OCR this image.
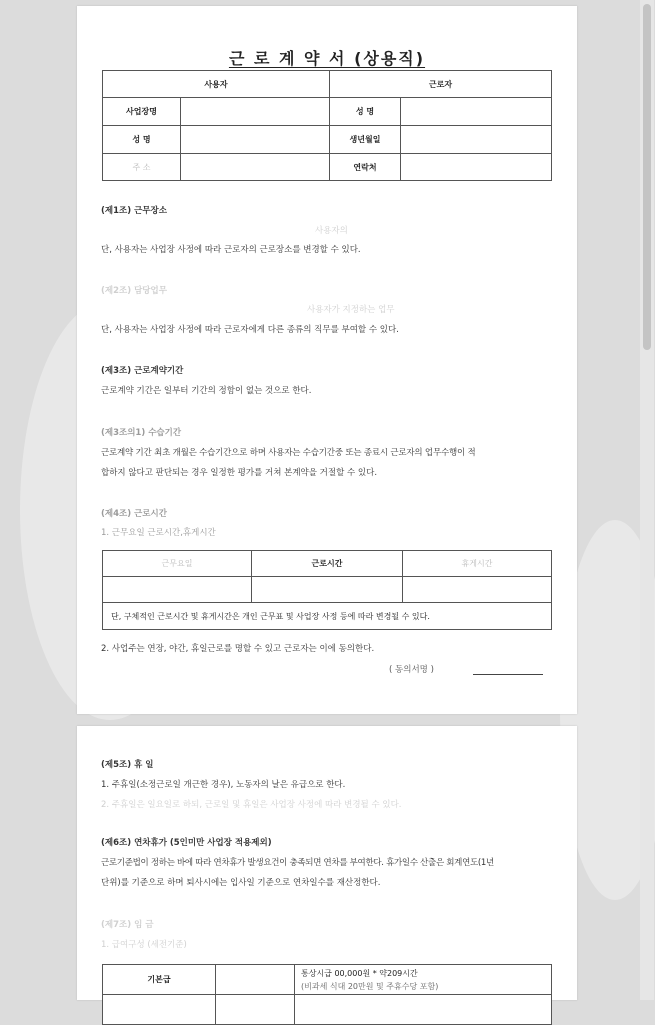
근 로 계 약 서 (상용직)
사용자		근로자	
사업장명		성 명	
성 명		생년월일	
주 소		연락처	
(제1조) 근무장소
사용자의
단, 사용자는 사업장 사정에 따라 근로자의 근로장소를 변경할 수 있다.
(제2조) 담당업무
사용자가 지정하는 업무
단, 사용자는 사업장 사정에 따라 근로자에게 다른 종류의 직무를 부여할 수 있다.
(제3조) 근로계약기간
근로계약 기간은 일부터 기간의 정함이 없는 것으로 한다.
(제3조의1) 수습기간
근로계약 기간 최초 개월은 수습기간으로 하며 사용자는 수습기간중 또는 종료시 근로자의 업무수행이 적
합하지 않다고 판단되는 경우 일정한 평가를 거쳐 본계약을 거절할 수 있다.
(제4조) 근로시간
1. 근무요일 근로시간,휴게시간
근무요일	근로시간	휴게시간

단, 구체적인 근로시간 및 휴게시간은 개인 근무표 및 사업장 사정 등에 따라 변경될 수 있다.		
2. 사업주는 연장, 야간, 휴일근로를 명할 수 있고 근로자는 이에 동의한다.
( 동의서명 )
(제5조) 휴 일
1. 주휴일(소정근로일 개근한 경우), 노동자의 날은 유급으로 한다.
2. 주휴일은 일요일로 하되, 근로일 및 휴일은 사업장 사정에 따라 변경될 수 있다.
(제6조) 연차휴가 (5인미만 사업장 적용제외)
근로기준법이 정하는 바에 따라 연차휴가 발생요건이 충족되면 연차를 부여한다. 휴가일수 산출은 회계연도(1년
단위)를 기준으로 하며 퇴사시에는 입사일 기준으로 연차일수를 재산정한다.
(제7조) 임 금
1. 급여구성 (세전기준)
기본급		통상시급 00,000원 * 약209시간
(비과세 식대 20만원 및 주휴수당 포함)
